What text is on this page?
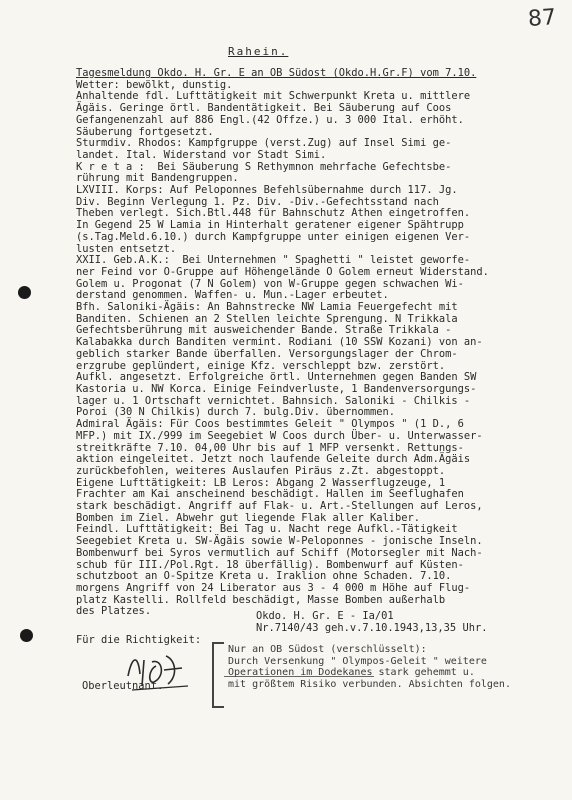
87
Rahein.
Tagesmeldung Okdo. H. Gr. E an OB Südost (Okdo.H.Gr.F) vom 7.10.
Wetter: bewölkt, dunstig.
Anhaltende fdl. Lufttätigkeit mit Schwerpunkt Kreta u. mittlere
Ägäis. Geringe örtl. Bandentätigkeit. Bei Säuberung auf Coos
Gefangenenzahl auf 886 Engl.(42 Offze.) u. 3 000 Ital. erhöht.
Säuberung fortgesetzt.
Sturmdiv. Rhodos: Kampfgruppe (verst.Zug) auf Insel Simi ge-
landet. Ital. Widerstand vor Stadt Simi.
K r e t a :  Bei Säuberung S Rethymnon mehrfache Gefechtsbe-
rührung mit Bandengruppen.
LXVIII. Korps: Auf Peloponnes Befehlsübernahme durch 117. Jg.
Div. Beginn Verlegung 1. Pz. Div. -Div.-Gefechtsstand nach
Theben verlegt. Sich.Btl.448 für Bahnschutz Athen eingetroffen.
In Gegend 25 W Lamia in Hinterhalt geratener eigener Spähtrupp
(s.Tag.Meld.6.10.) durch Kampfgruppe unter einigen eigenen Ver-
lusten entsetzt.
XXII. Geb.A.K.:  Bei Unternehmen " Spaghetti " leistet geworfe-
ner Feind vor O-Gruppe auf Höhengelände O Golem erneut Widerstand.
Golem u. Progonat (7 N Golem) von W-Gruppe gegen schwachen Wi-
derstand genommen. Waffen- u. Mun.-Lager erbeutet.
Bfh. Saloniki-Ägäis: An Bahnstrecke NW Lamia Feuergefecht mit
Banditen. Schienen an 2 Stellen leichte Sprengung. N Trikkala
Gefechtsberührung mit ausweichender Bande. Straße Trikkala -
Kalabakka durch Banditen vermint. Rodiani (10 SSW Kozani) von an-
geblich starker Bande überfallen. Versorgungslager der Chrom-
erzgrube geplündert, einige Kfz. verschleppt bzw. zerstört.
Aufkl. angesetzt. Erfolgreiche örtl. Unternehmen gegen Banden SW
Kastoria u. NW Korca. Einige Feindverluste, 1 Bandenversorgungs-
lager u. 1 Ortschaft vernichtet. Bahnsich. Saloniki - Chilkis -
Poroi (30 N Chilkis) durch 7. bulg.Div. übernommen.
Admiral Ägäis: Für Coos bestimmtes Geleit " Olympos " (1 D., 6
MFP.) mit IX./999 im Seegebiet W Coos durch Über- u. Unterwasser-
streitkräfte 7.10. 04,00 Uhr bis auf 1 MFP versenkt. Rettungs-
aktion eingeleitet. Jetzt noch laufende Geleite durch Adm.Ägäis
zurückbefohlen, weiteres Auslaufen Piräus z.Zt. abgestoppt.
Eigene Lufttätigkeit: LB Leros: Abgang 2 Wasserflugzeuge, 1
Frachter am Kai anscheinend beschädigt. Hallen im Seeflughafen
stark beschädigt. Angriff auf Flak- u. Art.-Stellungen auf Leros,
Bomben im Ziel. Abwehr gut liegende Flak aller Kaliber.
Feindl. Lufttätigkeit: Bei Tag u. Nacht rege Aufkl.-Tätigkeit
Seegebiet Kreta u. SW-Ägäis sowie W-Peloponnes - jonische Inseln.
Bombenwurf bei Syros vermutlich auf Schiff (Motorsegler mit Nach-
schub für III./Pol.Rgt. 18 überfällig). Bombenwurf auf Küsten-
schutzboot an O-Spitze Kreta u. Iraklion ohne Schaden. 7.10.
morgens Angriff von 24 Liberator aus 3 - 4 000 m Höhe auf Flug-
platz Kastelli. Rollfeld beschädigt, Masse Bomben außerhalb
des Platzes.	Okdo. H. Gr. E - Ia/01
Nr.7140/43 geh.v.7.10.1943,13,35 Uhr.
Für die Richtigkeit:
Oberleutnant.
Nur an OB Südost (verschlüsselt):
Durch Versenkung " Olympos-Geleit " weitere
Operationen im Dodekanes stark gehemmt u.
mit größtem Risiko verbunden. Absichten folgen.
